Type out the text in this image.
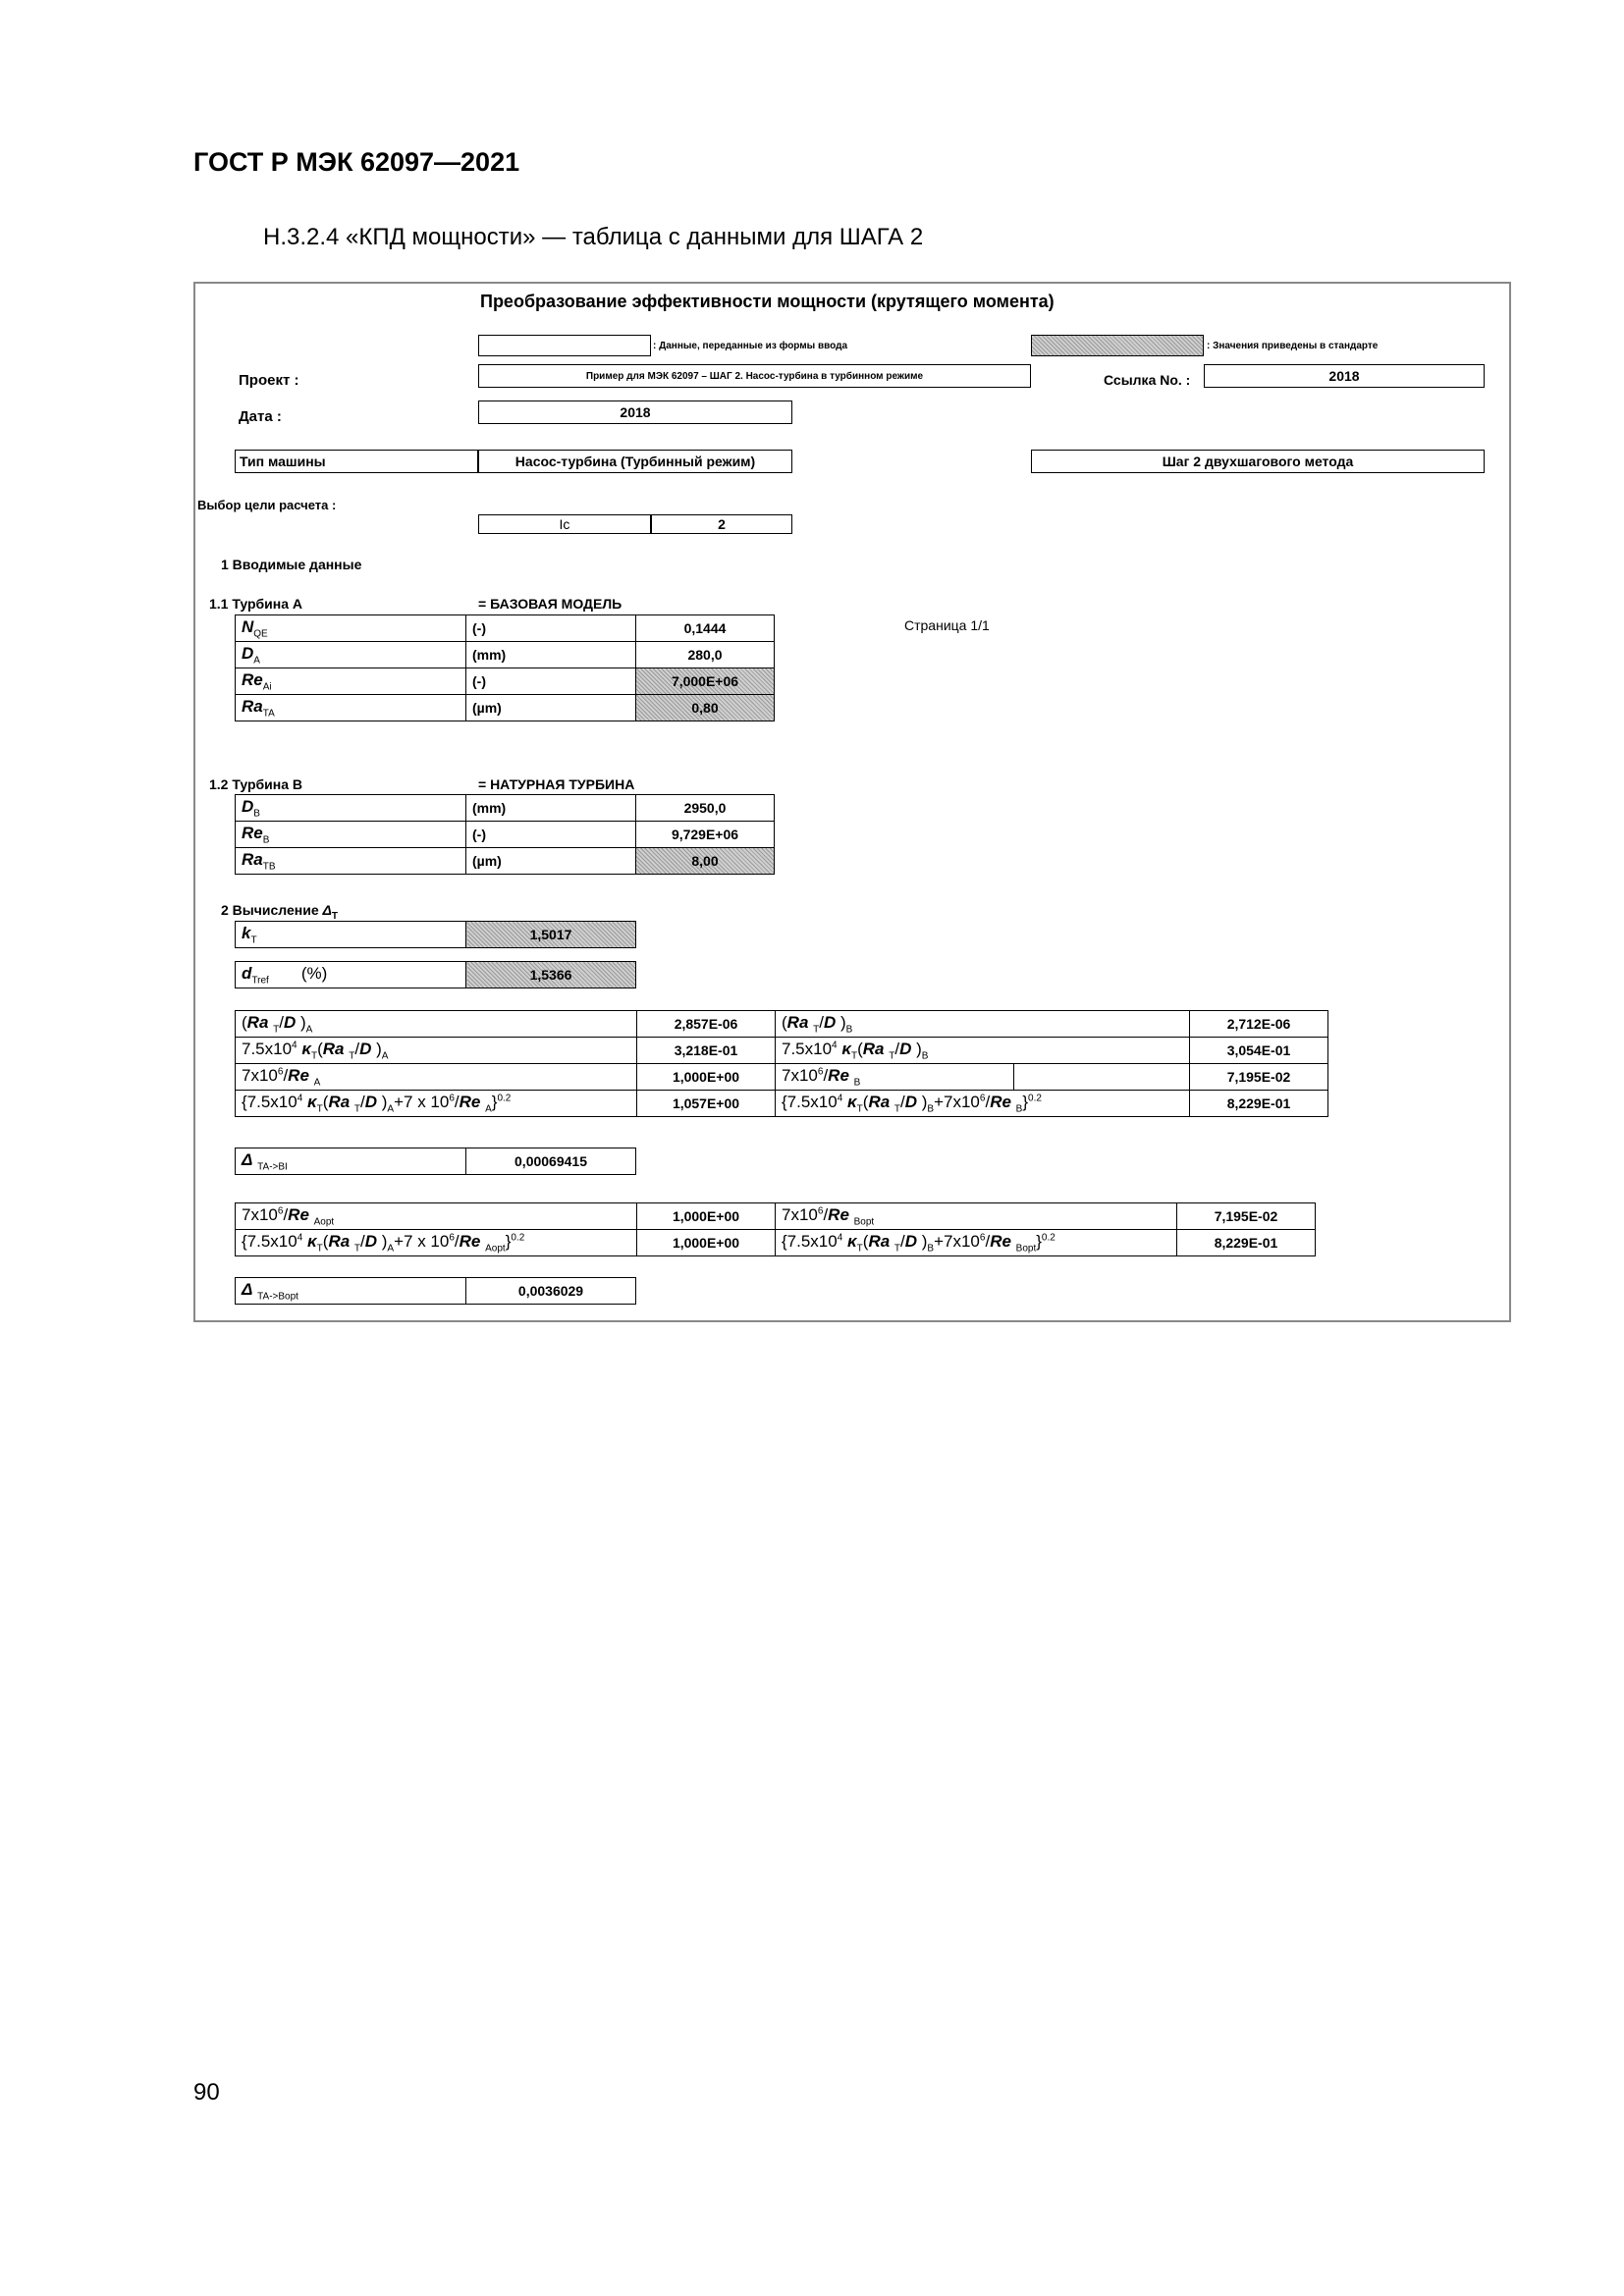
ГОСТ Р МЭК 62097—2021
H.3.2.4 «КПД мощности» — таблица с данными для ШАГА 2
Преобразование эффективности мощности (крутящего момента)
: Данные, переданные из формы ввода	: Значения приведены в стандарте
Проект :	Пример для МЭК 62097 – ШАГ 2. Насос-турбина в турбинном режиме	Ссылка No. :	2018
Дата :	2018
Тип машины	Насос-турбина (Турбинный режим)	Шаг 2 двухшагового метода
Выбор цели расчета :
Ic	2
1 Вводимые данные
Страница 1/1
1.1 Турбина А	= БАЗОВАЯ МОДЕЛЬ
$N_{QE}$	(-)	0,1444
$D_A$	(mm)	280,0
$Re_{Ai}$	(-)	7,000E+06
$Ra_{TA}$	(µm)	0,80
1.2 Турбина В	= НАТУРНАЯ ТУРБИНА
$D_B$	(mm)	2950,0
$Re_B$	(-)	9,729E+06
$Ra_{TB}$	(µm)	8,00
2 Вычисление $\Delta_T$
$k_T$	1,5017
$d_{Tref}$ (%)	1,5366
(Ra $_T$/D )$_A$	2,857E-06	(Ra $_T$/D )$_B$		2,712E-06
$7.5x10^4$ $\kappa_T(Ra$ $_T$/D )$_A$	3,218E-01	$7.5x10^4$ $\kappa_T(Ra$ $_T$/D )$_B$		3,054E-01
$7x10^6/Re$ $_A$	1,000E+00	$7x10^6/Re$ $_B$		7,195E-02
{$7.5x10^4$ $\kappa_T(Ra$ $_T$/D )$_A+7$ x $10^6/Re$ $_A$}$^{0.2}$	1,057E+00	{$7.5x10^4$ $\kappa_T(Ra$ $_T$/D )$_B+7x10^6/Re$ $_B$}$^{0.2}$		8,229E-01
Δ $_{TA->BI}$	0,00069415
$7x10^6/Re$ $_{Aopt}$	1,000E+00	$7x10^6/Re$ $_{Bopt}$	7,195E-02
{$7.5x10^4$ $\kappa_T(Ra$ $_T$/D )$_A+7$ x $10^6/Re$ $_{Aopt}$}$^{0.2}$	1,000E+00	{$7.5x10^4$ $\kappa_T(Ra$ $_T$/D )$_B+7x10^6/Re$ $_{Bopt}$}$^{0.2}$	8,229E-01
Δ $_{TA->Bopt}$	0,0036029
90
